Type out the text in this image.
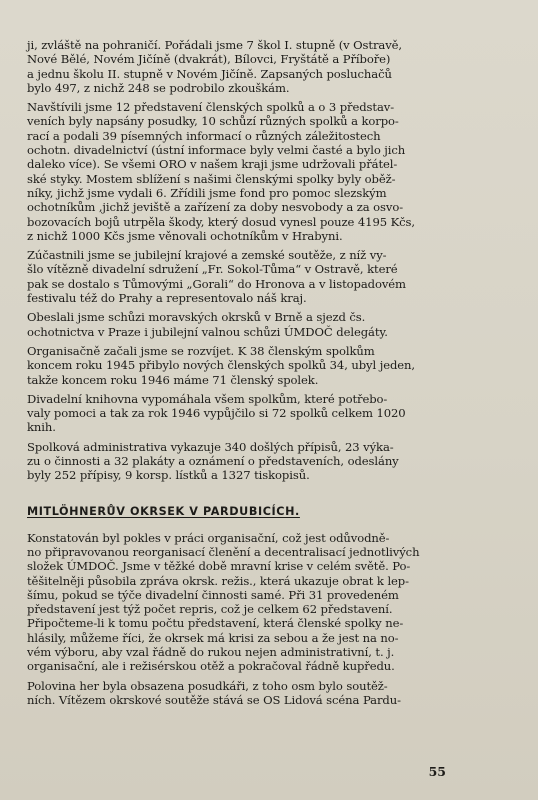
ji, zvláště na pohraničí. Pořádali jsme 7 škol I. stupně (v Ostravě,
Nové Bělé, Novém Jičíně (dvakrát), Bílovci, Fryštátě a Příboře)
a jednu školu II. stupně v Novém Jičíně. Zapsaných posluchačů
bylo 497, z nichž 248 se podrobilo zkouškám.
Navštívili jsme 12 představení členských spolků a o 3 představ-
veních byly napsány posudky, 10 schůzí různých spolků a korpo-
rací a podali 39 písemných informací o různých záležitostech
ochotn. divadelnictví (ústní informace byly velmi časté a bylo jich
daleko více). Se všemi ORO v našem kraji jsme udržovali přátel-
ské styky. Mostem sblížení s našimi členskými spolky byly oběž-
níky, jichž jsme vydali 6. Zřídili jsme fond pro pomoc slezským
ochotníkům ,jichž jeviště a zařízení za doby nesvobody a za osvo-
bozovacích bojů utrpěla škody, který dosud vynesl pouze 4195 Kčs,
z nichž 1000 Kčs jsme věnovali ochotníkům v Hrabyni.
Zúčastnili jsme se jubilejní krajové a zemské soutěže, z níž vy-
šlo vítězně divadelní sdružení „Fr. Sokol-Tůma“ v Ostravě, které
pak se dostalo s Tůmovými „Gorali“ do Hronova a v listopadovém
festivalu též do Prahy a representovalo náš kraj.
Obeslali jsme schůzi moravských okrsků v Brně a sjezd čs.
ochotnictva v Praze i jubilejní valnou schůzi ÚMDOČ delegáty.
Organisačně začali jsme se rozvíjet. K 38 členským spolkům
koncem roku 1945 přibylo nových členských spolků 34, ubyl jeden,
takže koncem roku 1946 máme 71 členský spolek.
Divadelní knihovna vypomáhala všem spolkům, které potřebo-
valy pomoci a tak za rok 1946 vypůjčilo si 72 spolků celkem 1020
knih.
Spolková administrativa vykazuje 340 došlých přípisů, 23 výka-
zu o činnosti a 32 plakáty a oznámení o představeních, odeslány
byly 252 přípisy, 9 korsp. lístků a 1327 tiskopisů.
MITLÖHNERŮV OKRSEK V PARDUBICÍCH.
Konstatován byl pokles v práci organisační, což jest odůvodně-
no připravovanou reorganisací členění a decentralisací jednotlivých
složek ÚMDOČ. Jsme v těžké době mravní krise v celém světě. Po-
těšitelněji působila zpráva okrsk. režis., která ukazuje obrat k lep-
šímu, pokud se týče divadelní činnosti samé. Při 31 provedeném
představení jest týž počet repris, což je celkem 62 představení.
Připočteme-li k tomu počtu představení, která členské spolky ne-
hlásily, můžeme říci, že okrsek má krisi za sebou a že jest na no-
vém výboru, aby vzal řádně do rukou nejen administrativní, t. j.
organisační, ale i režisérskou otěž a pokračoval řádně kupředu.
Polovina her byla obsazena posudkáři, z toho osm bylo soutěž-
ních. Vítězem okrskové soutěže stává se OS Lidová scéna Pardu-
55
